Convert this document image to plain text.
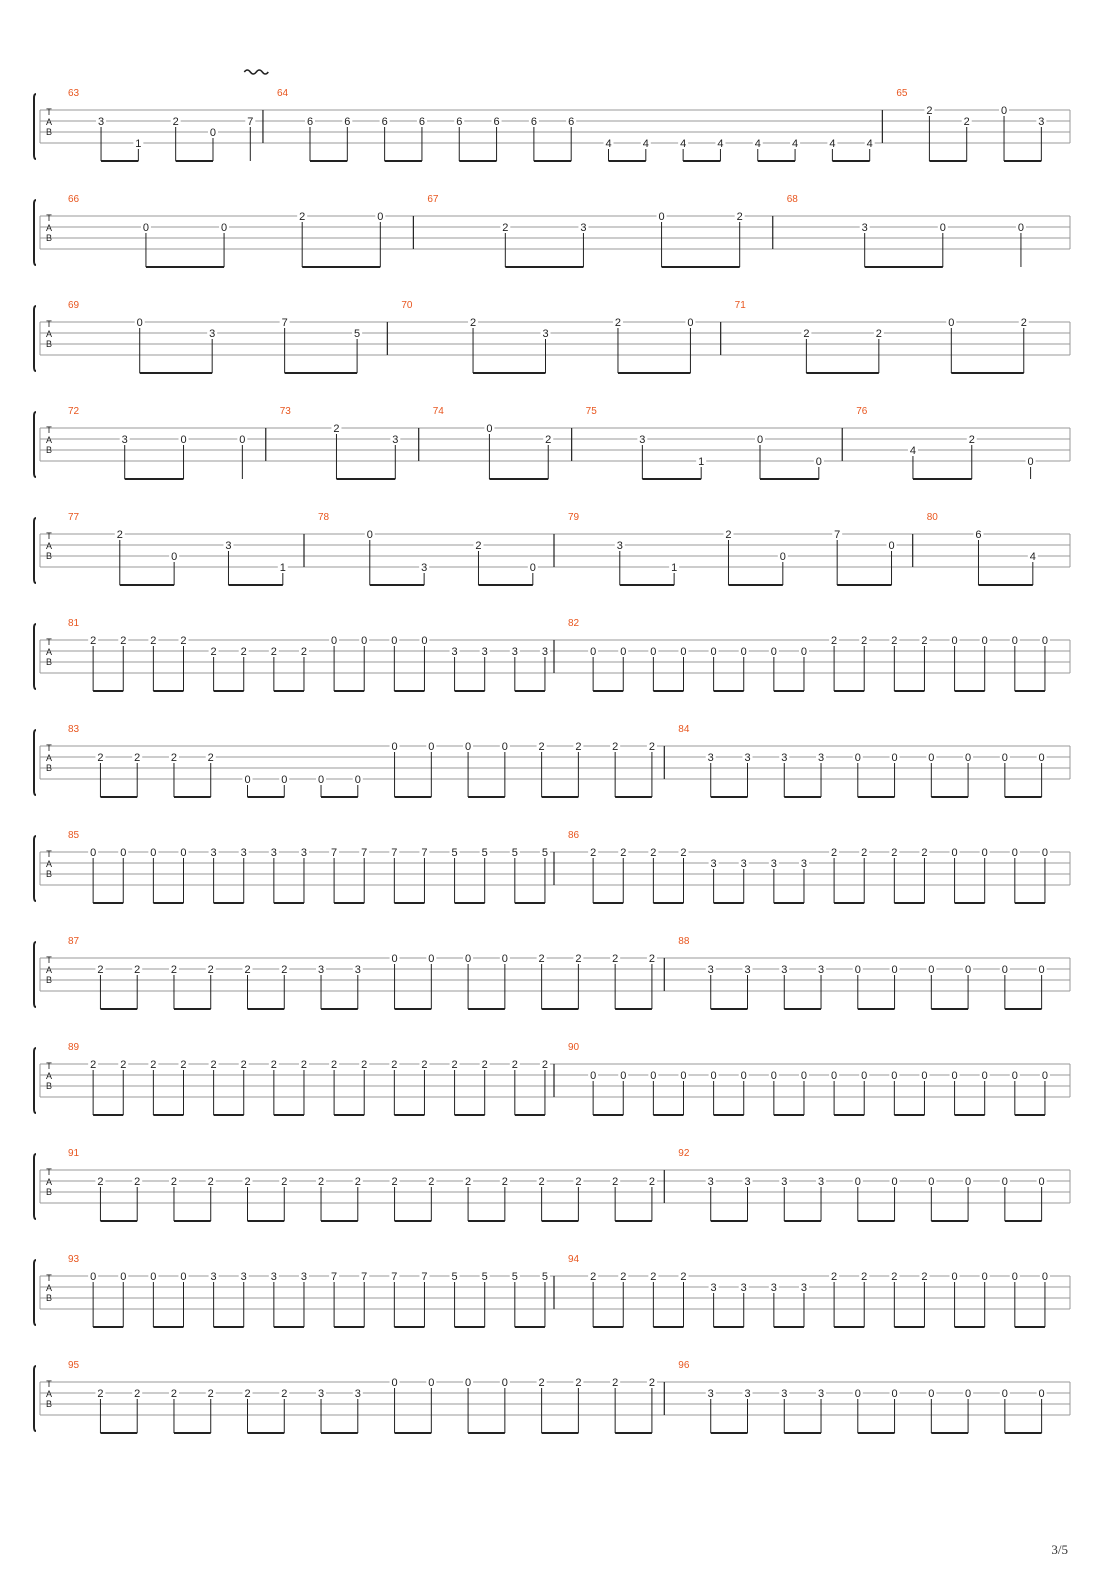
T
A
B
63
3
1
2
0
7
64
6	6	6	6	6	6	6	6
4	4	4	4	4	4	4	4
65
2
2
0
3
T
A
B
66
0	0
2	0
67
2	3
0	2
68
3	0	0
T
A
B
69
0
3
7
5
70
2
3
2	0
71
2	2
0	2
T
A
B
72
3	0	0
73
2
3
74
0
2
75
3
1
0
0
76
4
2
0
T
A
B
77
2
0
3
1
78
0
3
2
0
79
3
1
2
0
7
0
80
6
4
T
A
B
81
2 2 2 2
2 2 2 2
0 0 0 0
3 3 3 3
82
0 0 0 0 0 0 0 0
2 2 2 2 0 0 0 0
T
A
B
83
2	2	2	2
0	0	0	0
0	0	0	0	2	2	2	2
84
3	3	3	3	0	0	0	0	0	0
T
A
B
85
0 0 0 0 3 3 3 3 7 7 7 7 5 5 5 5
86
2 2 2 2
3 3 3 3
2 2 2 2 0 0 0 0
T
A
B
87
2	2	2	2	2	2	3	3
0	0	0	0	2	2	2	2
88
3	3	3	3	0	0	0	0	0	0
T
A
B
89
2 2 2 2 2 2 2 2 2 2 2 2 2 2 2 2
90
0 0 0 0 0 0 0 0 0 0 0 0 0 0 0 0
T
A
B
91
2	2	2	2	2	2	2	2	2	2	2	2	2	2	2	2
92
3	3	3	3	0	0	0	0	0	0
T
A
B
93
0 0 0 0 3 3 3 3 7 7 7 7 5 5 5 5
94
2 2 2 2
3 3 3 3
2 2 2 2 0 0 0 0
T
A
B
95
2	2	2	2	2	2	3	3
0	0	0	0	2	2	2	2
96
3	3	3	3	0	0	0	0	0	0
3/5
